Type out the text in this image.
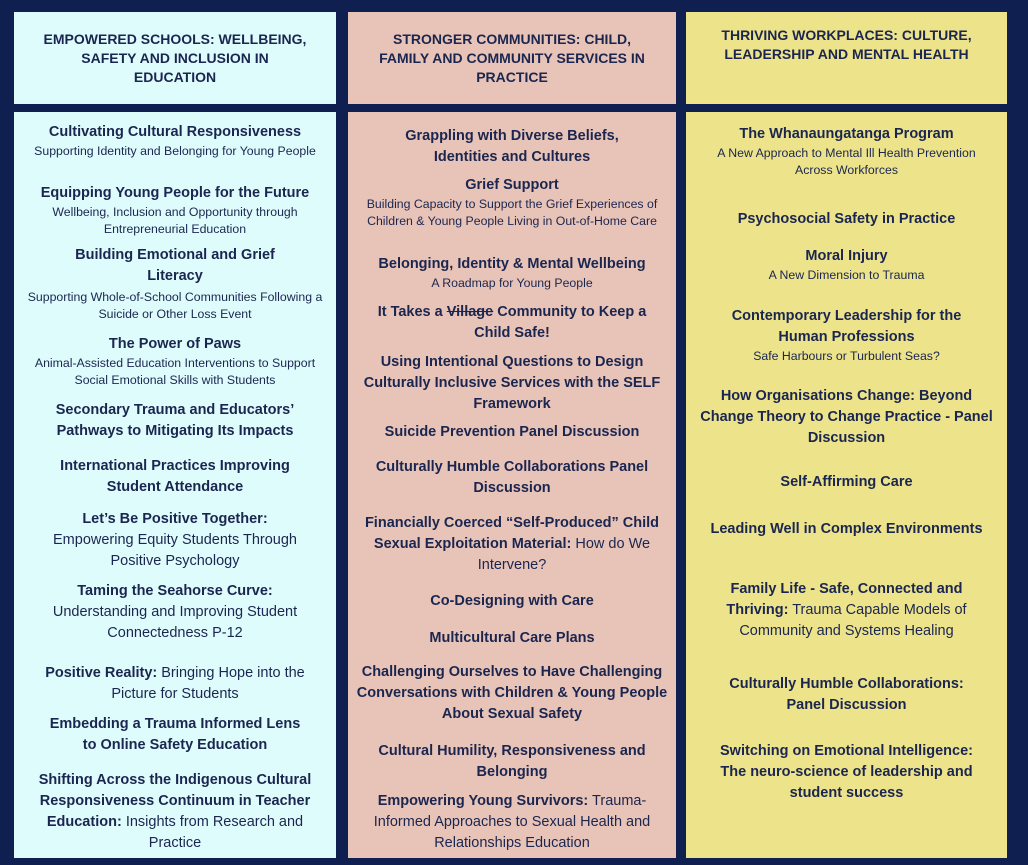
EMPOWERED SCHOOLS: WELLBEING, SAFETY AND INCLUSION IN EDUCATION
STRONGER COMMUNITIES: CHILD, FAMILY AND COMMUNITY SERVICES IN PRACTICE
THRIVING WORKPLACES: CULTURE, LEADERSHIP AND MENTAL HEALTH
Cultivating Cultural Responsiveness
Supporting Identity and Belonging for Young People
Equipping Young People for the Future
Wellbeing, Inclusion and Opportunity through Entrepreneurial Education
Building Emotional and Grief Literacy
Supporting Whole-of-School Communities Following a Suicide or Other Loss Event
The Power of Paws
Animal-Assisted Education Interventions to Support Social Emotional Skills with Students
Secondary Trauma and Educators’ Pathways to Mitigating Its Impacts
International Practices Improving Student Attendance
Let’s Be Positive Together:
Empowering Equity Students Through Positive Psychology
Taming the Seahorse Curve:
Understanding and Improving Student Connectedness P-12
Positive Reality: Bringing Hope into the Picture for Students
Embedding a Trauma Informed Lens to Online Safety Education
Shifting Across the Indigenous Cultural Responsiveness Continuum in Teacher Education: Insights from Research and Practice
Grappling with Diverse Beliefs, Identities and Cultures
Grief Support
Building Capacity to Support the Grief Experiences of Children & Young People Living in Out-of-Home Care
Belonging, Identity & Mental Wellbeing
A Roadmap for Young People
It Takes a Village Community to Keep a Child Safe!
Using Intentional Questions to Design Culturally Inclusive Services with the SELF Framework
Suicide Prevention Panel Discussion
Culturally Humble Collaborations Panel Discussion
Financially Coerced “Self-Produced” Child Sexual Exploitation Material: How do We Intervene?
Co-Designing with Care
Multicultural Care Plans
Challenging Ourselves to Have Challenging Conversations with Children & Young People About Sexual Safety
Cultural Humility, Responsiveness and Belonging
Empowering Young Survivors: Trauma-Informed Approaches to Sexual Health and Relationships Education
The Whanaungatanga Program
A New Approach to Mental Ill Health Prevention Across Workforces
Psychosocial Safety in Practice
Moral Injury
A New Dimension to Trauma
Contemporary Leadership for the Human Professions
Safe Harbours or Turbulent Seas?
How Organisations Change: Beyond Change Theory to Change Practice - Panel Discussion
Self-Affirming Care
Leading Well in Complex Environments
Family Life - Safe, Connected and Thriving: Trauma Capable Models of Community and Systems Healing
Culturally Humble Collaborations: Panel Discussion
Switching on Emotional Intelligence: The neuro-science of leadership and student success
